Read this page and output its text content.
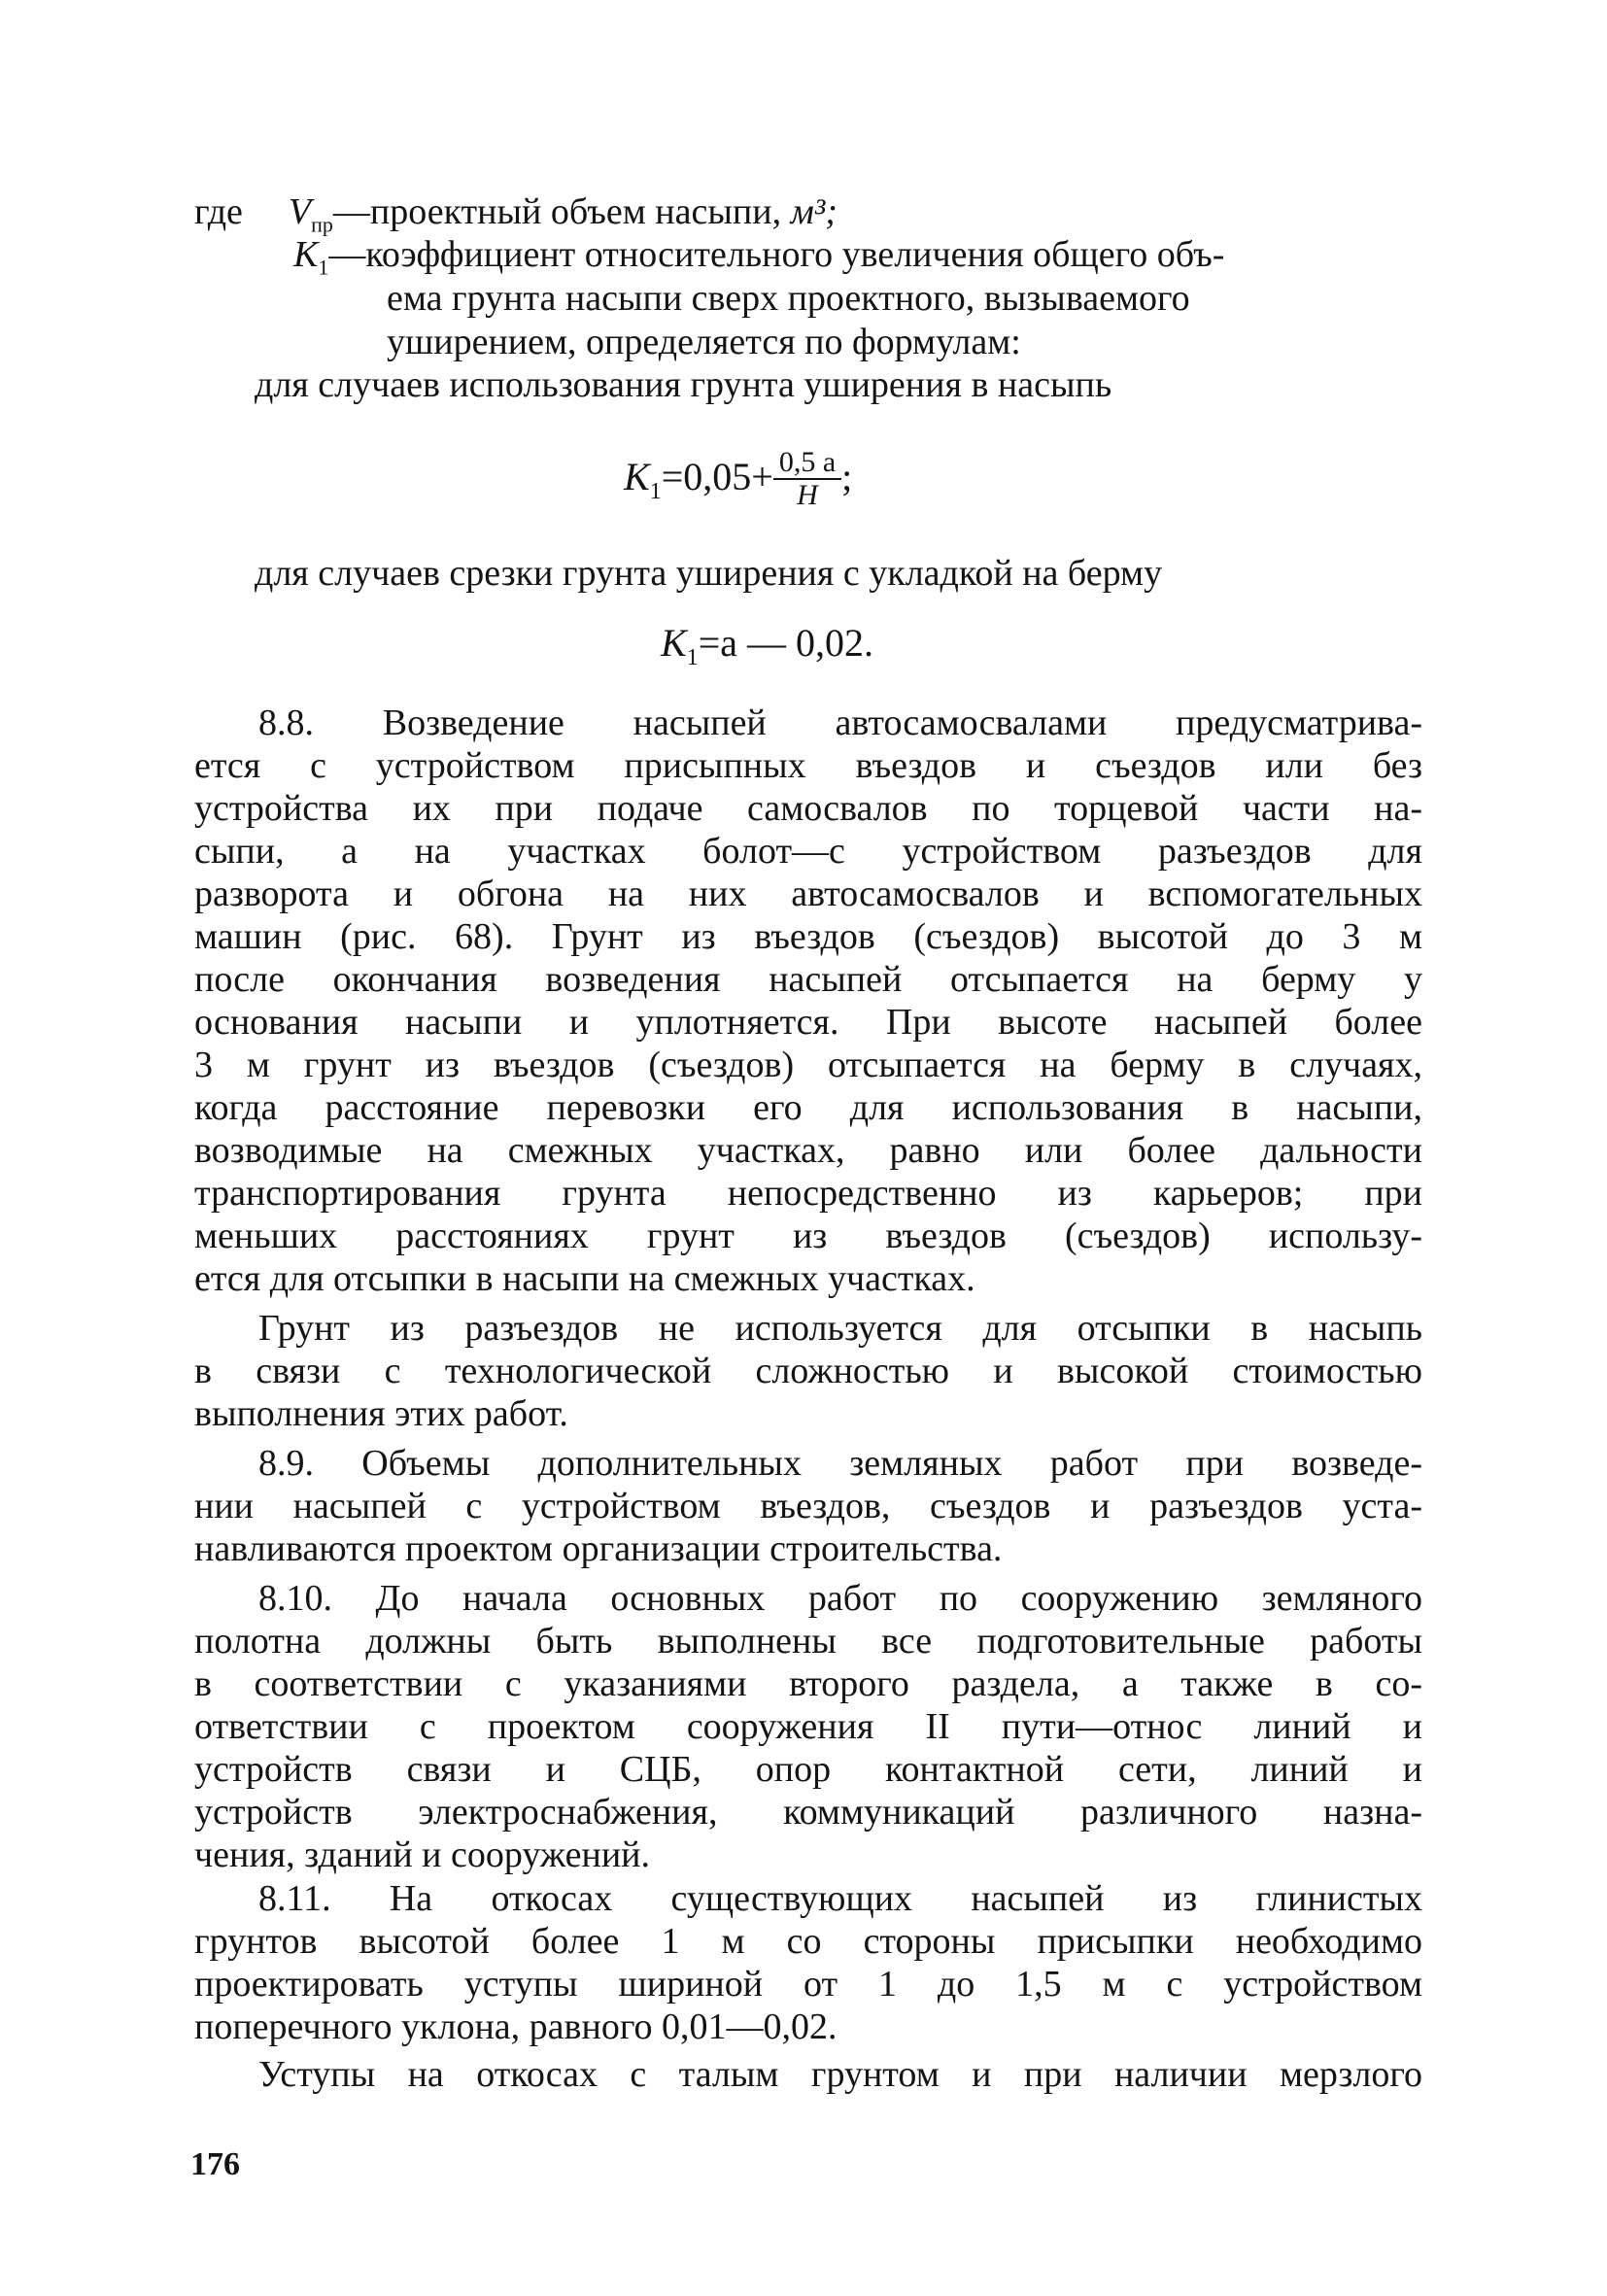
где $V_{пр}—проектный$ объем насыпи, м³;
$K_1—коэффициент$ относительного увеличения общего объ-
ема грунта насыпи сверх проектного, вызываемого
уширением, определяется по формулам:
для случаев использования грунта уширения в насыпь
$K_1=0,05+ \frac{0,5 a}{H}$ ;
для случаев срезки грунта уширения с укладкой на берму
$K_1=a$ — 0,02.
8.8. Возведение насыпей автосамосвалами предусматрива-
ется с устройством присыпных въездов и съездов или без
устройства их при подаче самосвалов по торцевой части на-
сыпи, а на участках болот—с устройством разъездов для
разворота и обгона на них автосамосвалов и вспомогательных
машин (рис. 68). Грунт из въездов (съездов) высотой до 3 м
после окончания возведения насыпей отсыпается на берму у
основания насыпи и уплотняется. При высоте насыпей более
3 м грунт из въездов (съездов) отсыпается на берму в случаях,
когда расстояние перевозки его для использования в насыпи,
возводимые на смежных участках, равно или более дальности
транспортирования грунта непосредственно из карьеров; при
меньших расстояниях грунт из въездов (съездов) использу-
ется для отсыпки в насыпи на смежных участках.
Грунт из разъездов не используется для отсыпки в насыпь
в связи с технологической сложностью и высокой стоимостью
выполнения этих работ.
8.9. Объемы дополнительных земляных работ при возведе-
нии насыпей с устройством въездов, съездов и разъездов уста-
навливаются проектом организации строительства.
8.10. До начала основных работ по сооружению земляного
полотна должны быть выполнены все подготовительные работы
в соответствии с указаниями второго раздела, а также в со-
ответствии с проектом сооружения II пути—относ линий и
устройств связи и СЦБ, опор контактной сети, линий и
устройств электроснабжения, коммуникаций различного назна-
чения, зданий и сооружений.
8.11. На откосах существующих насыпей из глинистых
грунтов высотой более 1 м со стороны присыпки необходимо
проектировать уступы шириной от 1 до 1,5 м с устройством
поперечного уклона, равного 0,01—0,02.
Уступы на откосах с талым грунтом и при наличии мерзлого
176
